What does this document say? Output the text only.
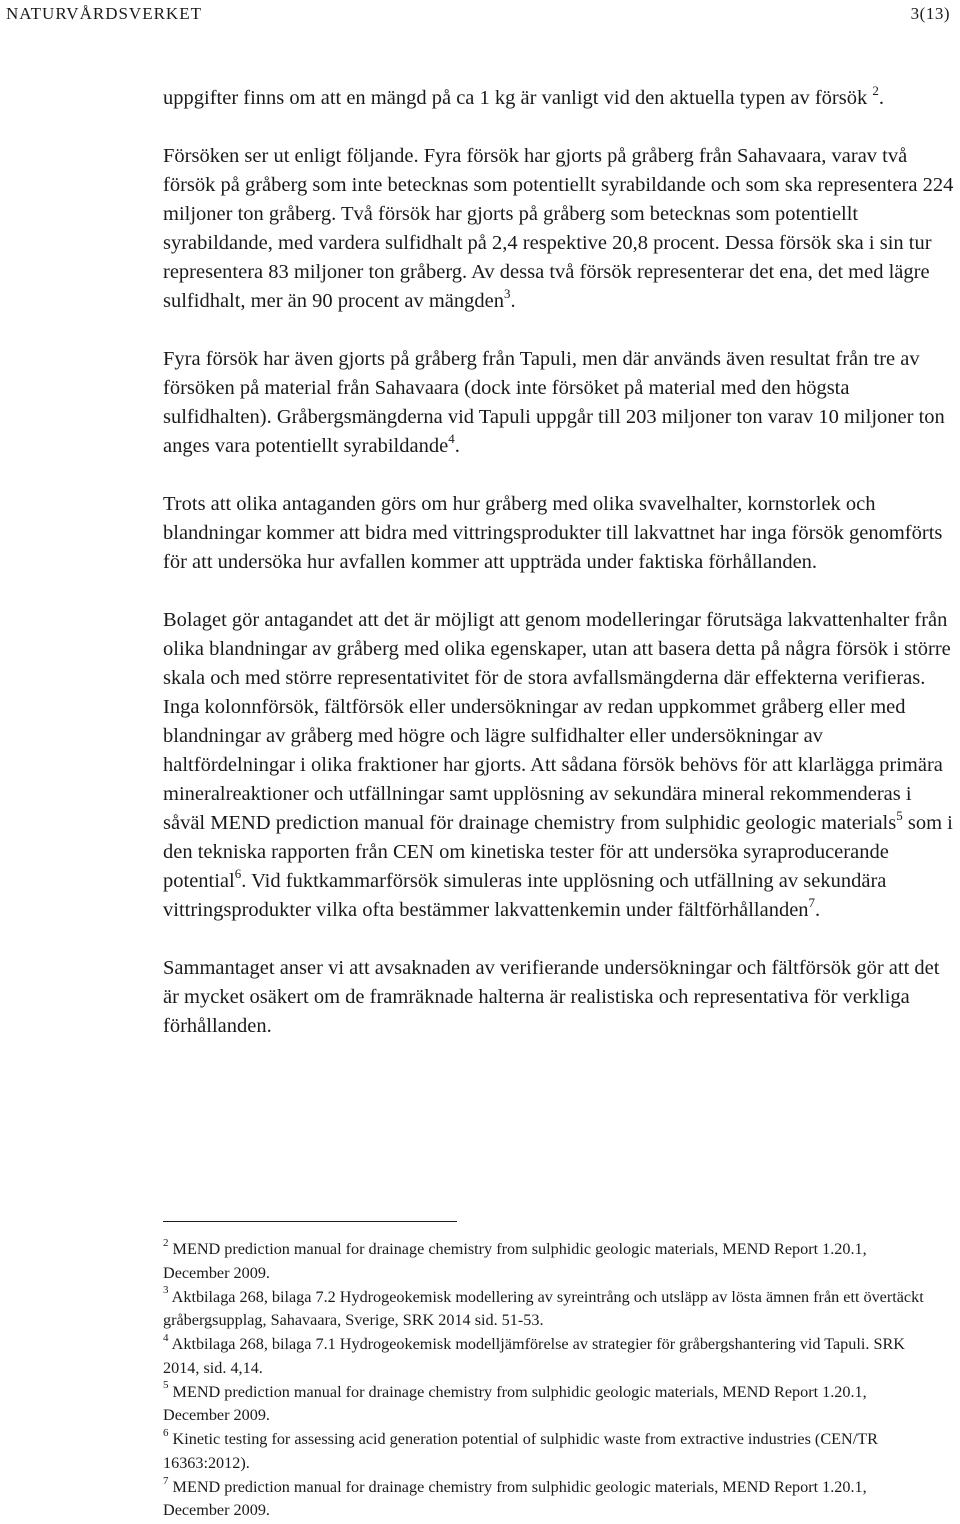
NATURVÅRDSVERKET	3(13)

uppgifter finns om att en mängd på ca 1 kg är vanligt vid den aktuella typen av försök $^2$.

Försöken ser ut enligt följande. Fyra försök har gjorts på gråberg från Sahavaara, varav två försök på gråberg som inte betecknas som potentiellt syrabildande och som ska representera 224 miljoner ton gråberg. Två försök har gjorts på gråberg som betecknas som potentiellt syrabildande, med vardera sulfidhalt på 2,4 respektive 20,8 procent. Dessa försök ska i sin tur representera 83 miljoner ton gråberg. Av dessa två försök representerar det ena, det med lägre sulfidhalt, mer än 90 procent av mängden$^3$.

Fyra försök har även gjorts på gråberg från Tapuli, men där används även resultat från tre av försöken på material från Sahavaara (dock inte försöket på material med den högsta sulfidhalten). Gråbergsmängderna vid Tapuli uppgår till 203 miljoner ton varav 10 miljoner ton anges vara potentiellt syrabildande$^4$.

Trots att olika antaganden görs om hur gråberg med olika svavelhalter, kornstorlek och blandningar kommer att bidra med vittringsprodukter till lakvattnet har inga försök genomförts för att undersöka hur avfallen kommer att uppträda under faktiska förhållanden.

Bolaget gör antagandet att det är möjligt att genom modelleringar förutsäga lakvattenhalter från olika blandningar av gråberg med olika egenskaper, utan att basera detta på några försök i större skala och med större representativitet för de stora avfallsmängderna där effekterna verifieras. Inga kolonnförsök, fältförsök eller undersökningar av redan uppkommet gråberg eller med blandningar av gråberg med högre och lägre sulfidhalter eller undersökningar av haltfördelningar i olika fraktioner har gjorts. Att sådana försök behövs för att klarlägga primära mineralreaktioner och utfällningar samt upplösning av sekundära mineral rekommenderas i såväl MEND prediction manual för drainage chemistry from sulphidic geologic materials$^5$ som i den tekniska rapporten från CEN om kinetiska tester för att undersöka syraproducerande potential$^6$. Vid fuktkammarförsök simuleras inte upplösning och utfällning av sekundära vittringsprodukter vilka ofta bestämmer lakvattenkemin under fältförhållanden$^7$.

Sammantaget anser vi att avsaknaden av verifierande undersökningar och fältförsök gör att det är mycket osäkert om de framräknade halterna är realistiska och representativa för verkliga förhållanden.

$^2$ MEND prediction manual for drainage chemistry from sulphidic geologic materials, MEND Report 1.20.1, December 2009.

$^3$ Aktbilaga 268, bilaga 7.2 Hydrogeokemisk modellering av syreintrång och utsläpp av lösta ämnen från ett övertäckt gråbergsupplag, Sahavaara, Sverige, SRK 2014 sid. 51-53.

$^4$ Aktbilaga 268, bilaga 7.1 Hydrogeokemisk modelljämförelse av strategier för gråbergshantering vid Tapuli. SRK 2014, sid. 4,14.

$^5$ MEND prediction manual for drainage chemistry from sulphidic geologic materials, MEND Report 1.20.1, December 2009.

$^6$ Kinetic testing for assessing acid generation potential of sulphidic waste from extractive industries (CEN/TR 16363:2012).

$^7$ MEND prediction manual for drainage chemistry from sulphidic geologic materials, MEND Report 1.20.1, December 2009.
